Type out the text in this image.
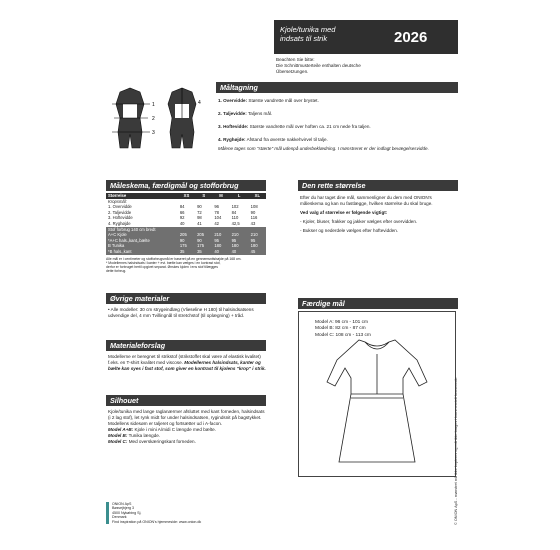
Kjole/tunika med
indsats til strik	2026
Beachten Sie bitte:
Die Schnittmusterteile enthalten deutsche
Übersetzungen.
Måltagning
1
2
3
4	1. Overvidde: Største vandrette mål over brystet.
2. Taljevidde: Taljens mål.
3. Hoftevidde: Største vandrette mål over hoften ca. 21 cm nede fra taljen.
4. Ryghøjde: Afstand fra øverste nakkehvirvel til talje.
Målene tages som "stærte" mål udenpå underbeklædning. I mønstreret er der indlagt bevægelsesvidde.
Måleskema, færdigmål og stofforbrug
Størrelse	XS	S	M	L	XL
Kropsmål:					
1. Overvidde	84	90	96	102	108
2. Taljevidde	66	72	78	84	90
3. Hoftevidde	92	98	104	110	116
4. Ryghøjde	40	41	42	42,5	43
Stof forbrug 140 cm bredt					
A+C Kjole	205	205	210	210	210
*A+C hals.,kant,,bælte	90	90	95	95	95
B Tunika	175	175	180	180	180
*B hals.,kant	35	35	40	40	45
Alle mål er i centimeter og stofforbrugsmål er baseret på en gennemsnitshøjde på 168 cm.
* Modellernes halsindsats i kanter + evt. bælte kan vælges i en kontrast stof,
derfor er forbruget hertil opgivet separat. Ønskes kjolen i ens stof tillægges
dette forbrug.
Øvrige materialer
• Alle modeller: 30 cm strygeindlæg (Vlieseline H 180) til halsindsatsens udvendige del, 4 mm Tvillingnål til stretchstof (til oplægning) + tråd.
Materialeforslag
Modellerne er beregnet til strikstof (strikstoffet skal være af elastisk kvalitet) f.eks. en T-shirt kvalitet med viscose. Modellernes halsindsats, kanter og bælte kan syes i fast stof, som giver en kontrast til kjolens "krop" i strik.
Silhouet
Kjole/tunika med lange raglanærmer afsluttet med kant forneden, halsindsats (i 2 lag stof), let rynk midt for under halsindsatsen, rygindsnit på bagstykket. Modellens sidesøm er taljeret og fortsætter ud i A-facon.
Model A+B: Kjole i mini A/midi C længde med bælte.
Model B: Tunika længde.
Model C: Med overskæringskant forneden.
Den rette størrelse
Efter du har taget dine mål, sammenligner du dem med ONION's måleskema og kan nu fastlægge, hvilken størrelse du skal bruge.
Ved valg af størrelse er følgende vigtigt:
- Kjoler, bluser, frakker og jakker vælges efter overvidden.
- Bukser og nederdele vælges efter hoftevidden.
Færdige mål
Model A: 96 cm - 101 cm
Model B: 82 cm - 87 cm
Model C: 108 cm - 113 cm
ONION ApS
Bøsvejbjerg 3
4500 Nykøbing Sj.
Denmark
Find inspiration på ONION's hjemmeside: www.onion.dk	© ONION ApS - mønstret må ikke kopieres og må ikke bruges i kommercielt henseende
